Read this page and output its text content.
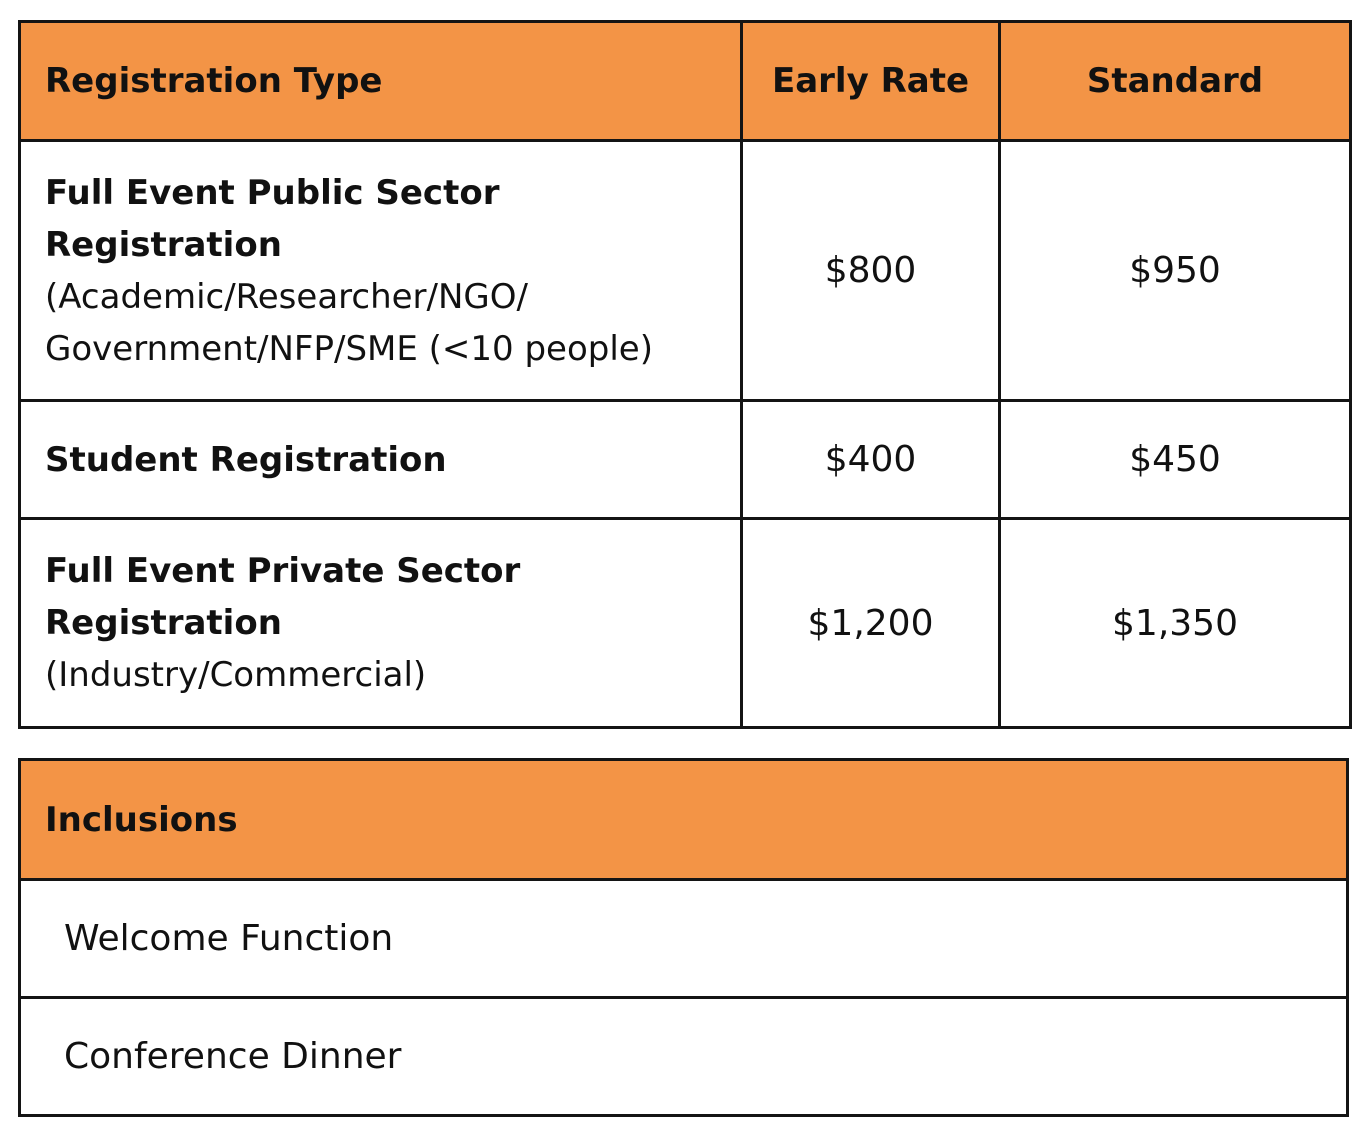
Registration Type	Early Rate	Standard

Full Event Public Sector Registration
(Academic/Researcher/NGO/ Government/NFP/SME (<10 people)	$800	$950

Student Registration	$400	$450

Full Event Private Sector Registration
(Industry/Commercial)	$1,200	$1,350
Inclusions
Welcome Function
Conference Dinner
